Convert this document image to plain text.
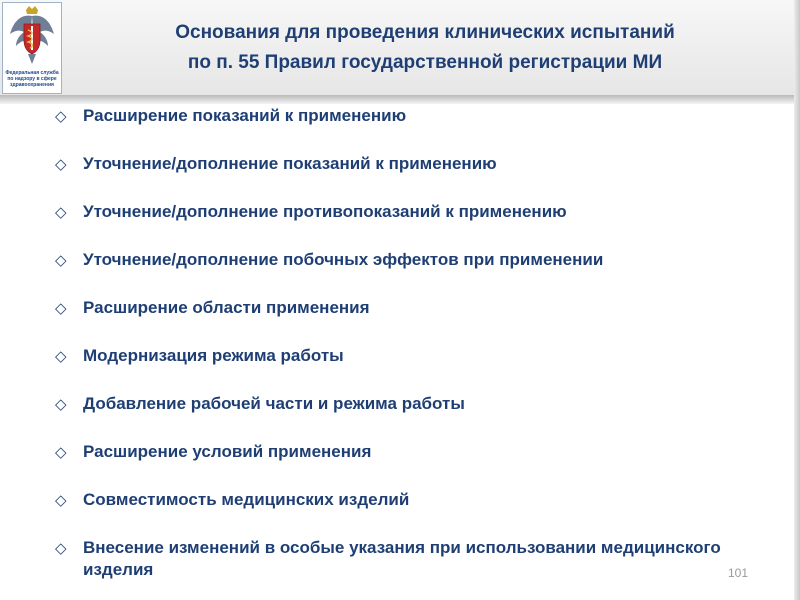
Федеральная служба
по надзору в сфере
здравоохранения
Основания для проведения клинических испытаний
по п. 55 Правил государственной регистрации МИ
◇ Расширение показаний к применению
◇ Уточнение/дополнение показаний к применению
◇ Уточнение/дополнение противопоказаний к применению
◇ Уточнение/дополнение побочных эффектов при применении
◇ Расширение области применения
◇ Модернизация режима работы
◇ Добавление рабочей части и режима работы
◇ Расширение условий применения
◇ Совместимость медицинских изделий
◇ Внесение изменений в особые указания при использовании медицинского изделия	101
